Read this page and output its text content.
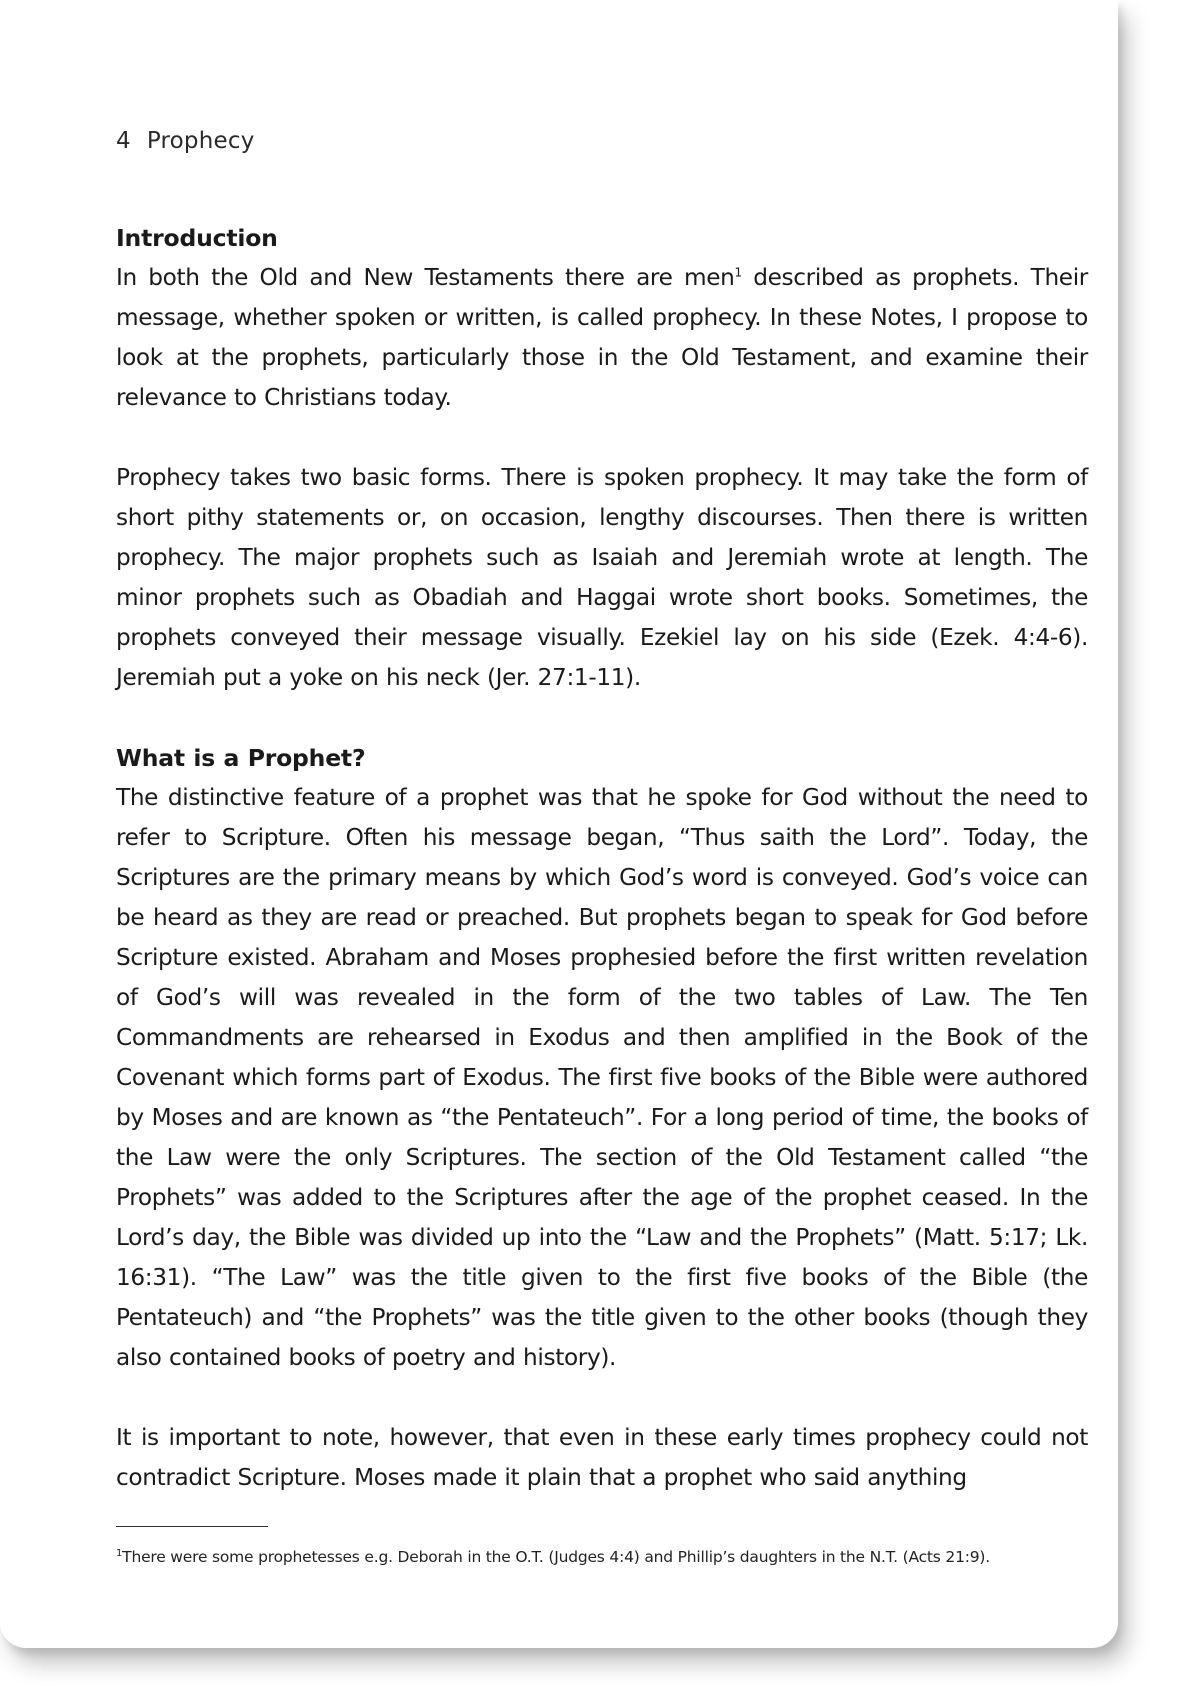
4 Prophecy
Introduction

In both the Old and New Testaments there are men$^1$ described as prophets. Their message, whether spoken or written, is called prophecy. In these Notes, I propose to look at the prophets, particularly those in the Old Testament, and examine their relevance to Christians today.

Prophecy takes two basic forms. There is spoken prophecy. It may take the form of short pithy statements or, on occasion, lengthy discourses. Then there is written prophecy. The major prophets such as Isaiah and Jeremiah wrote at length. The minor prophets such as Obadiah and Haggai wrote short books. Sometimes, the prophets conveyed their message visually. Ezekiel lay on his side (Ezek. 4:4-6). Jeremiah put a yoke on his neck (Jer. 27:1-11).

What is a Prophet?

The distinctive feature of a prophet was that he spoke for God without the need to refer to Scripture. Often his message began, “Thus saith the Lord”. Today, the Scriptures are the primary means by which God’s word is conveyed. God’s voice can be heard as they are read or preached. But prophets began to speak for God before Scripture existed. Abraham and Moses prophesied before the first written revelation of God’s will was revealed in the form of the two tables of Law. The Ten Commandments are rehearsed in Exodus and then amplified in the Book of the Covenant which forms part of Exodus. The first five books of the Bible were authored by Moses and are known as “the Pentateuch”. For a long period of time, the books of the Law were the only Scriptures. The section of the Old Testament called “the Prophets” was added to the Scriptures after the age of the prophet ceased. In the Lord’s day, the Bible was divided up into the “Law and the Prophets” (Matt. 5:17; Lk. 16:31). “The Law” was the title given to the first five books of the Bible (the Pentateuch) and “the Prophets” was the title given to the other books (though they also contained books of poetry and history).

It is important to note, however, that even in these early times prophecy could not contradict Scripture. Moses made it plain that a prophet who said anything

$^1$There were some prophetesses e.g. Deborah in the O.T. (Judges 4:4) and Phillip’s daughters in the N.T. (Acts 21:9).
